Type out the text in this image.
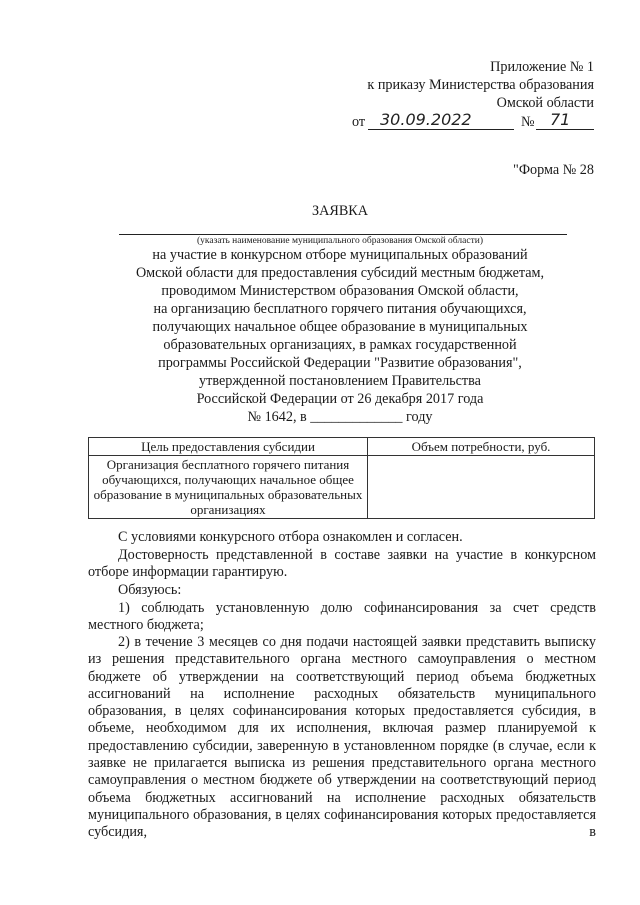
Приложение № 1
к приказу Министерства образования
Омской области
от 30.09.2022	№ 71
"Форма № 28
ЗАЯВКА
(указать наименование муниципального образования Омской области)
на участие в конкурсном отборе муниципальных образований
Омской области для предоставления субсидий местным бюджетам,
проводимом Министерством образования Омской области,
на организацию бесплатного горячего питания обучающихся,
получающих начальное общее образование в муниципальных
образовательных организациях, в рамках государственной
программы Российской Федерации "Развитие образования",
утвержденной постановлением Правительства
Российской Федерации от 26 декабря 2017 года
№ 1642, в _____________ году
Цель предоставления субсидии	Объем потребности, руб.
Организация бесплатного горячего питания обучающихся, получающих начальное общее образование в муниципальных образовательных организациях	
С условиями конкурсного отбора ознакомлен и согласен.
Достоверность представленной в составе заявки на участие в конкурсном отборе информации гарантирую.
Обязуюсь:
1) соблюдать установленную долю софинансирования за счет средств местного бюджета;
2) в течение 3 месяцев со дня подачи настоящей заявки представить выписку из решения представительного органа местного самоуправления о местном бюджете об утверждении на соответствующий период объема бюджетных ассигнований на исполнение расходных обязательств муниципального образования, в целях софинансирования которых предоставляется субсидия, в объеме, необходимом для их исполнения, включая размер планируемой к предоставлению субсидии, заверенную в установленном порядке (в случае, если к заявке не прилагается выписка из решения представительного органа местного самоуправления о местном бюджете об утверждении на соответствующий период объема бюджетных ассигнований на исполнение расходных обязательств муниципального образования, в целях софинансирования которых предоставляется субсидия, в
